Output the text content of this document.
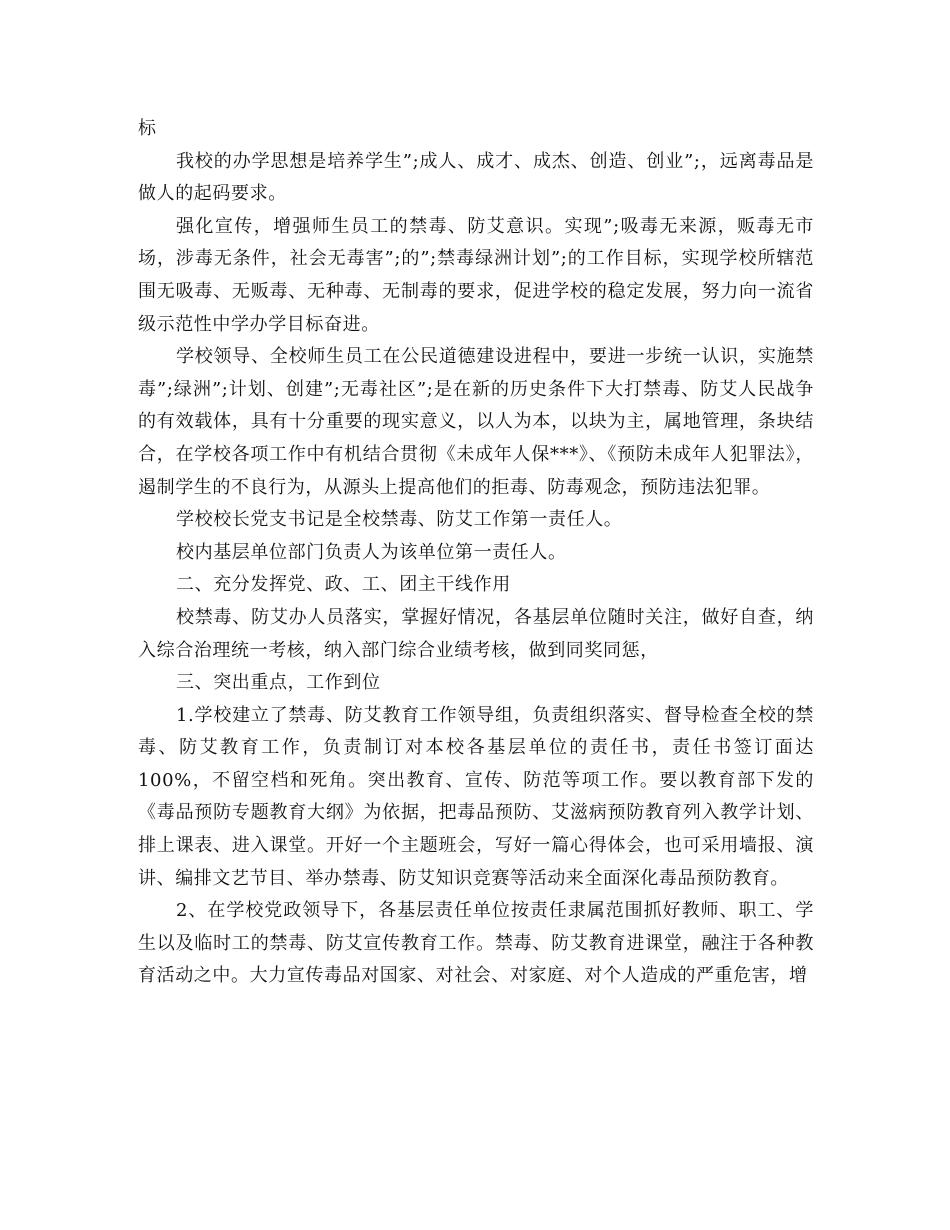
标

我校的办学思想是培养学生”;成人、成才、成杰、创造、创业”;，远离毒品是做人的起码要求。

强化宣传，增强师生员工的禁毒、防艾意识。实现”;吸毒无来源，贩毒无市场，涉毒无条件，社会无毒害”;的”;禁毒绿洲计划”;的工作目标，实现学校所辖范围无吸毒、无贩毒、无种毒、无制毒的要求，促进学校的稳定发展，努力向一流省级示范性中学办学目标奋进。

学校领导、全校师生员工在公民道德建设进程中，要进一步统一认识，实施禁毒”;绿洲”;计划、创建”;无毒社区”;是在新的历史条件下大打禁毒、防艾人民战争的有效载体，具有十分重要的现实意义，以人为本，以块为主，属地管理，条块结合，在学校各项工作中有机结合贯彻《未成年人保***》、《预防未成年人犯罪法》，遏制学生的不良行为，从源头上提高他们的拒毒、防毒观念，预防违法犯罪。

学校校长党支书记是全校禁毒、防艾工作第一责任人。

校内基层单位部门负责人为该单位第一责任人。

二、充分发挥党、政、工、团主干线作用

校禁毒、防艾办人员落实，掌握好情况，各基层单位随时关注，做好自查，纳入综合治理统一考核，纳入部门综合业绩考核，做到同奖同惩，

三、突出重点，工作到位

1.学校建立了禁毒、防艾教育工作领导组，负责组织落实、督导检查全校的禁毒、防艾教育工作，负责制订对本校各基层单位的责任书，责任书签订面达100%，不留空档和死角。突出教育、宣传、防范等项工作。要以教育部下发的《毒品预防专题教育大纲》为依据，把毒品预防、艾滋病预防教育列入教学计划、排上课表、进入课堂。开好一个主题班会，写好一篇心得体会，也可采用墙报、演讲、编排文艺节目、举办禁毒、防艾知识竞赛等活动来全面深化毒品预防教育。

2、在学校党政领导下，各基层责任单位按责任隶属范围抓好教师、职工、学生以及临时工的禁毒、防艾宣传教育工作。禁毒、防艾教育进课堂，融注于各种教育活动之中。大力宣传毒品对国家、对社会、对家庭、对个人造成的严重危害，增
